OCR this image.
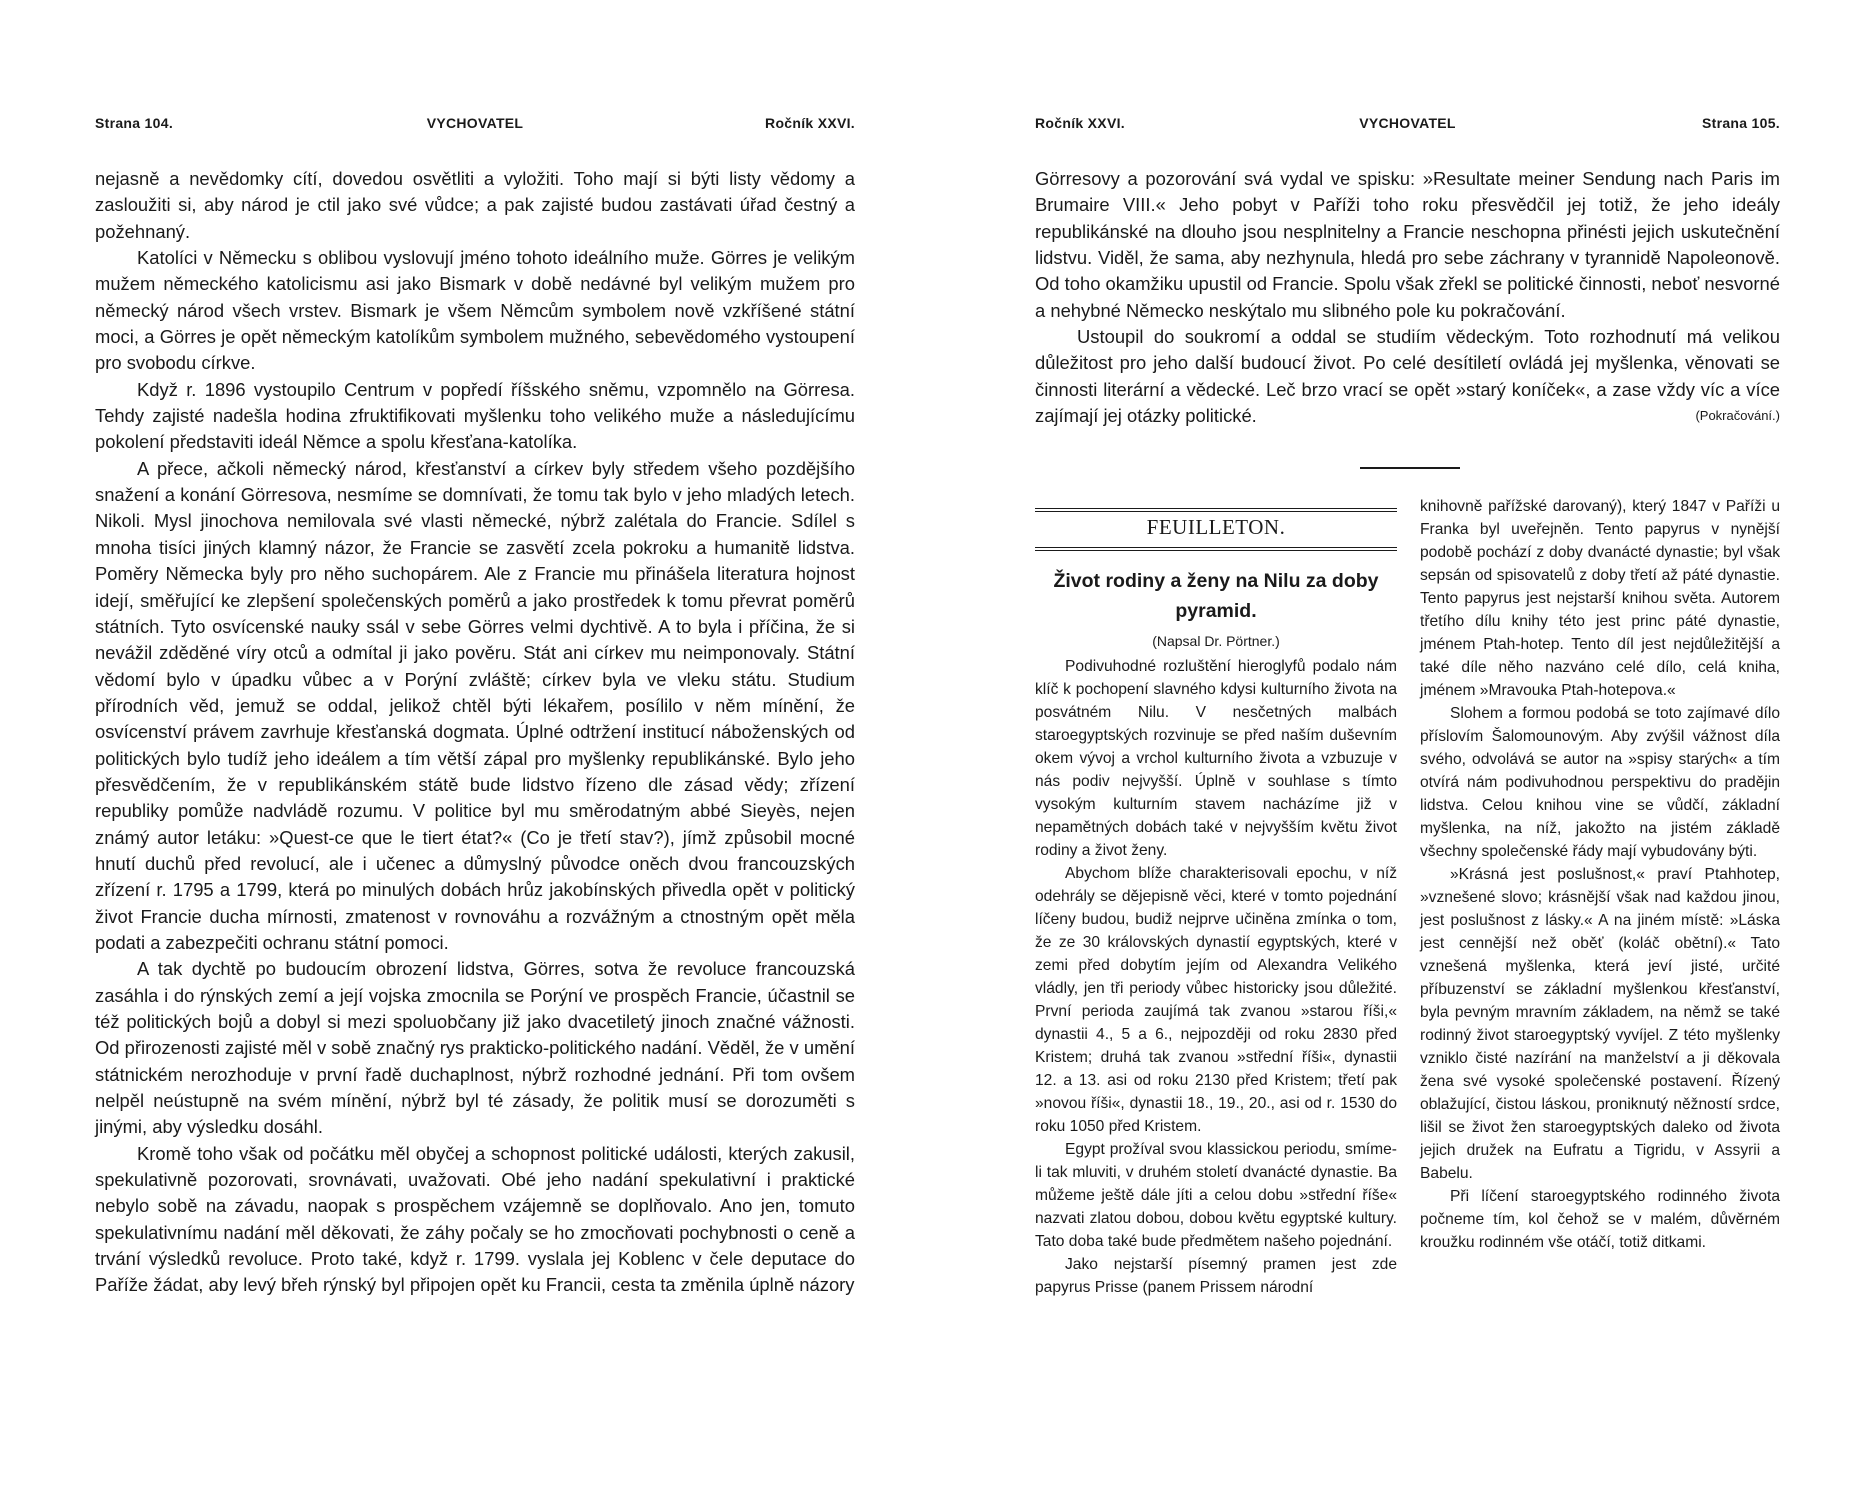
Strana 104.	VYCHOVATEL	Ročník XXVI.

nejasně a nevědomky cítí, dovedou osvětliti a vyložiti. Toho mají si býti listy vědomy a zasloužiti si, aby národ je ctil jako své vůdce; a pak zajisté budou zastávati úřad čestný a požehnaný.

Katolíci v Německu s oblibou vyslovují jméno tohoto ideálního muže. Görres je velikým mužem německého katolicismu asi jako Bismark v době nedávné byl velikým mužem pro německý národ všech vrstev. Bismark je všem Němcům symbolem nově vzkříšené státní moci, a Görres je opět německým katolíkům symbolem mužného, sebevědomého vystoupení pro svobodu církve.

Když r. 1896 vystoupilo Centrum v popředí říšského sněmu, vzpomnělo na Görresa. Tehdy zajisté nadešla hodina zfruktifikovati myšlenku toho velikého muže a následujícímu pokolení představiti ideál Němce a spolu křesťana-katolíka.

A přece, ačkoli německý národ, křesťanství a církev byly středem všeho pozdějšího snažení a konání Görresova, nesmíme se domnívati, že tomu tak bylo v jeho mladých letech. Nikoli. Mysl jinochova nemilovala své vlasti německé, nýbrž zalétala do Francie. Sdílel s mnoha tisíci jiných klamný názor, že Francie se zasvětí zcela pokroku a humanitě lidstva. Poměry Německa byly pro něho suchopárem. Ale z Francie mu přinášela literatura hojnost idejí, směřující ke zlepšení společenských poměrů a jako prostředek k tomu převrat poměrů státních. Tyto osvícenské nauky ssál v sebe Görres velmi dychtivě. A to byla i příčina, že si nevážil zděděné víry otců a odmítal ji jako pověru. Stát ani církev mu neimponovaly. Státní vědomí bylo v úpadku vůbec a v Porýní zvláště; církev byla ve vleku státu. Studium přírodních věd, jemuž se oddal, jelikož chtěl býti lékařem, posílilo v něm mínění, že osvícenství právem zavrhuje křesťanská dogmata. Úplné odtržení institucí náboženských od politických bylo tudíž jeho ideálem a tím větší zápal pro myšlenky republikánské. Bylo jeho přesvědčením, že v republikánském státě bude lidstvo řízeno dle zásad vědy; zřízení republiky pomůže nadvládě rozumu. V politice byl mu směrodatným abbé Sieyès, nejen známý autor letáku: »Quest-ce que le tiert état?« (Co je třetí stav?), jímž způsobil mocné hnutí duchů před revolucí, ale i učenec a důmyslný původce oněch dvou francouzských zřízení r. 1795 a 1799, která po minulých dobách hrůz jakobínských přivedla opět v politický život Francie ducha mírnosti, zmatenost v rovnováhu a rozvážným a ctnostným opět měla podati a zabezpečiti ochranu státní pomoci.

A tak dychtě po budoucím obrození lidstva, Görres, sotva že revoluce francouzská zasáhla i do rýnských zemí a její vojska zmocnila se Porýní ve prospěch Francie, účastnil se též politických bojů a dobyl si mezi spoluobčany již jako dvacetiletý jinoch značné vážnosti. Od přirozenosti zajisté měl v sobě značný rys prakticko-politického nadání. Věděl, že v umění státnickém nerozhoduje v první řadě duchaplnost, nýbrž rozhodné jednání. Při tom ovšem nelpěl neústupně na svém mínění, nýbrž byl té zásady, že politik musí se dorozuměti s jinými, aby výsledku dosáhl.

Kromě toho však od počátku měl obyčej a schopnost politické události, kterých zakusil, spekulativně pozorovati, srovnávati, uvažovati. Obé jeho nadání spekulativní i praktické nebylo sobě na závadu, naopak s prospěchem vzájemně se doplňovalo. Ano jen, tomuto spekulativnímu nadání měl děkovati, že záhy počaly se ho zmocňovati pochybnosti o ceně a trvání výsledků revoluce. Proto také, když r. 1799. vyslala jej Koblenc v čele deputace do Paříže žádat, aby levý břeh rýnský byl připojen opět ku Francii, cesta ta změnila úplně názory

Ročník XXVI.	VYCHOVATEL	Strana 105.

Görresovy a pozorování svá vydal ve spisku: »Resultate meiner Sendung nach Paris im Brumaire VIII.« Jeho pobyt v Paříži toho roku přesvědčil jej totiž, že jeho ideály republikánské na dlouho jsou nesplnitelny a Francie neschopna přinésti jejich uskutečnění lidstvu. Viděl, že sama, aby nezhynula, hledá pro sebe záchrany v tyrannidě Napoleonově. Od toho okamžiku upustil od Francie. Spolu však zřekl se politické činnosti, neboť nesvorné a nehybné Německo neskýtalo mu slibného pole ku pokračování.

Ustoupil do soukromí a oddal se studiím vědeckým. Toto rozhodnutí má velikou důležitost pro jeho další budoucí život. Po celé desítiletí ovládá jej myšlenka, věnovati se činnosti literární a vědecké. Leč brzo vrací se opět »starý koníček«, a zase vždy víc a více zajímají jej otázky politické.	(Pokračování.)

FEUILLETON.
Život rodiny a ženy na Nilu za doby pyramid.
(Napsal Dr. Pörtner.)

Podivuhodné rozluštění hieroglyfů podalo nám klíč k pochopení slavného kdysi kulturního života na posvátném Nilu. V nesčetných malbách staroegyptských rozvinuje se před naším duševním okem vývoj a vrchol kulturního života a vzbuzuje v nás podiv nejvyšší. Úplně v souhlase s tímto vysokým kulturním stavem nacházíme již v nepamětných dobách také v nejvyšším květu život rodiny a život ženy.

Abychom blíže charakterisovali epochu, v níž odehrály se dějepisně věci, které v tomto pojednání líčeny budou, budiž nejprve učiněna zmínka o tom, že ze 30 královských dynastií egyptských, které v zemi před dobytím jejím od Alexandra Velikého vládly, jen tři periody vůbec historicky jsou důležité. První perioda zaujímá tak zvanou »starou říši,« dynastii 4., 5 a 6., nejpozději od roku 2830 před Kristem; druhá tak zvanou »střední říši«, dynastii 12. a 13. asi od roku 2130 před Kristem; třetí pak »novou říši«, dynastii 18., 19., 20., asi od r. 1530 do roku 1050 před Kristem.

Egypt prožíval svou klassickou periodu, smíme-li tak mluviti, v druhém století dvanácté dynastie. Ba můžeme ještě dále jíti a celou dobu »střední říše« nazvati zlatou dobou, dobou květu egyptské kultury. Tato doba také bude předmětem našeho pojednání.

Jako nejstarší písemný pramen jest zde papyrus Prisse (panem Prissem národní

knihovně pařížské darovaný), který 1847 v Paříži u Franka byl uveřejněn. Tento papyrus v nynější podobě pochází z doby dvanácté dynastie; byl však sepsán od spisovatelů z doby třetí až páté dynastie. Tento papyrus jest nejstarší knihou světa. Autorem třetího dílu knihy této jest princ páté dynastie, jménem Ptah-hotep. Tento díl jest nejdůležitější a také díle něho nazváno celé dílo, celá kniha, jménem »Mravouka Ptah-hotepova.«

Slohem a formou podobá se toto zajímavé dílo příslovím Šalomounovým. Aby zvýšil vážnost díla svého, odvolává se autor na »spisy starých« a tím otvírá nám podivuhodnou perspektivu do pradějin lidstva. Celou knihou vine se vůdčí, základní myšlenka, na níž, jakožto na jistém základě všechny společenské řády mají vybudovány býti.

»Krásná jest poslušnost,« praví Ptahhotep, »vznešené slovo; krásnější však nad každou jinou, jest poslušnost z lásky.« A na jiném místě: »Láska jest cennější než oběť (koláč obětní).« Tato vznešená myšlenka, která jeví jisté, určité příbuzenství se základní myšlenkou křesťanství, byla pevným mravním základem, na němž se také rodinný život staroegyptský vyvíjel. Z této myšlenky vzniklo čisté nazírání na manželství a ji děkovala žena své vysoké společenské postavení. Řízený oblažující, čistou láskou, proniknutý něžností srdce, lišil se život žen staroegyptských daleko od života jejich družek na Eufratu a Tigridu, v Assyrii a Babelu.

Při líčení staroegyptského rodinného života počneme tím, kol čehož se v malém, důvěrném kroužku rodinném vše otáčí, totiž ditkami.
